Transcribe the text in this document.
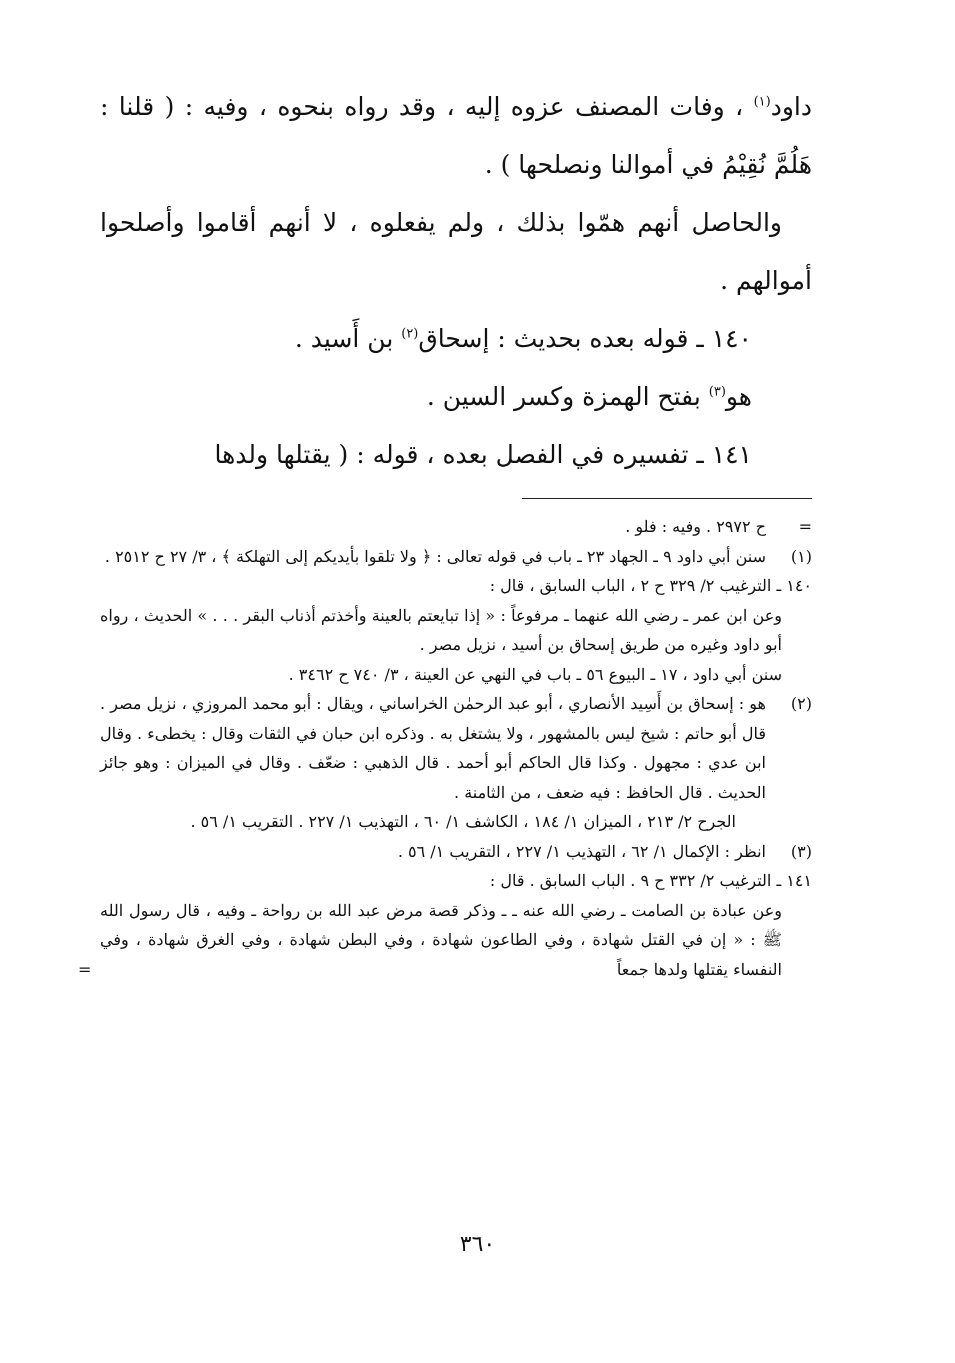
داود$^{(١)}$ ، وفات المصنف عزوه إليه ، وقد رواه بنحوه ، وفيه : ( قلنا : هَلُمَّ نُقِيْمُ في أموالنا ونصلحها ) .

والحاصل أنهم همّوا بذلك ، ولم يفعلوه ، لا أنهم أقاموا وأصلحوا أموالهم .

١٤٠ ـ قوله بعده بحديث : إسحاق$^{(٢)}$ بن أَسيد .

هو$^{(٣)}$ بفتح الهمزة وكسر السين .

١٤١ ـ تفسيره في الفصل بعده ، قوله : ( يقتلها ولدها

=
ح ٢٩٧٢ . وفيه : فلو .
(١)
سنن أبي داود ٩ ـ الجهاد ٢٣ ـ باب في قوله تعالى : ﴿ ولا تلقوا بأيديكم إلى التهلكة ﴾ ، ٣/ ٢٧ ح ٢٥١٢ .

١٤٠ ـ الترغيب ٢/ ٣٢٩ ح ٢ ، الباب السابق ، قال :

وعن ابن عمر ـ رضي الله عنهما ـ مرفوعاً : « إذا تبايعتم بالعينة وأخذتم أذناب البقر . . . » الحديث ، رواه أبو داود وغيره من طريق إسحاق بن أسيد ، نزيل مصر .

سنن أبي داود ، ١٧ ـ البيوع ٥٦ ـ باب في النهي عن العينة ، ٣/ ٧٤٠ ح ٣٤٦٢ .

(٢)
هو : إسحاق بن أَسِيد الأنصاري ، أبو عبد الرحمٰن الخراساني ، ويقال : أبو محمد المروزي ، نزيل مصر . قال أبو حاتم : شيخ ليس بالمشهور ، ولا يشتغل به . وذكره ابن حبان في الثقات وقال : يخطىء . وقال ابن عدي : مجهول . وكذا قال الحاكم أبو أحمد . قال الذهبي : ضعّف . وقال في الميزان : وهو جائز الحديث . قال الحافظ : فيه ضعف ، من الثامنة .
الجرح ٢/ ٢١٣ ، الميزان ١/ ١٨٤ ، الكاشف ١/ ٦٠ ، التهذيب ١/ ٢٢٧ . التقريب ١/ ٥٦ .
(٣)
انظر : الإكمال ١/ ٦٢ ، التهذيب ١/ ٢٢٧ ، التقريب ١/ ٥٦ .

١٤١ ـ الترغيب ٢/ ٣٣٢ ح ٩ . الباب السابق . قال :

وعن عبادة بن الصامت ـ رضي الله عنه ـ ـ وذكر قصة مرض عبد الله بن رواحة ـ وفيه ، قال رسول الله ﷺ : « إن في القتل شهادة ، وفي الطاعون شهادة ، وفي البطن شهادة ، وفي الغرق شهادة ، وفي النفساء يقتلها ولدها جمعاً
=

٣٦٠
